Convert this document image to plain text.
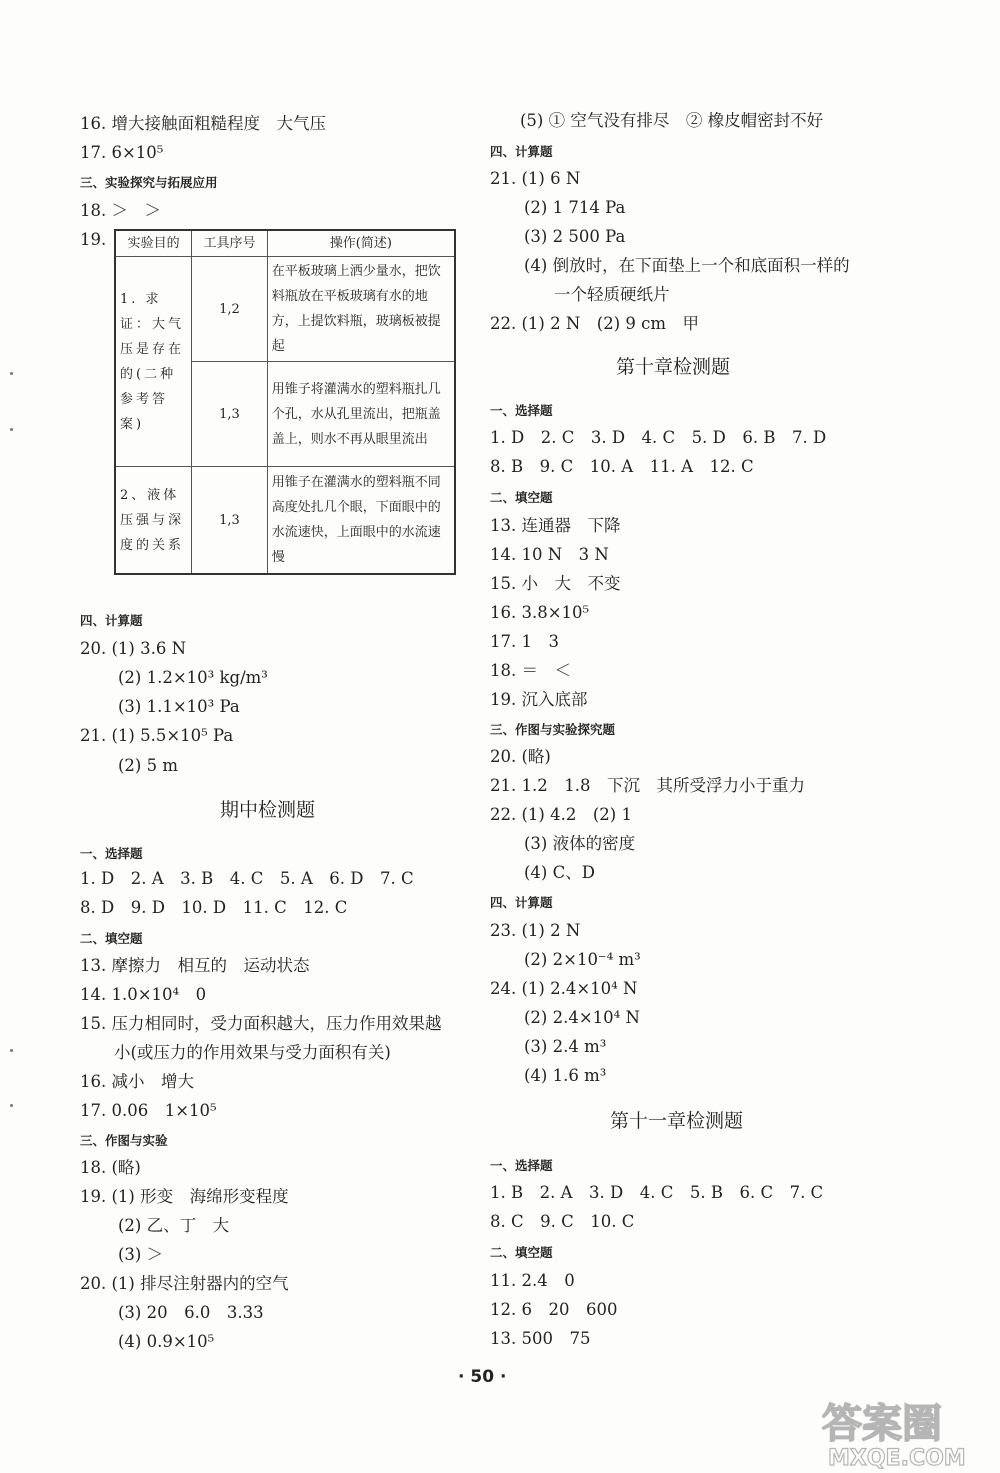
16. 增大接触面粗糙程度　大气压
17. 6×10⁵
三、实验探究与拓展应用
18. ＞　＞
19. 实验目的	工具序号	操作(简述)
1. 求证：大气压是存在的(二种参考答案)	1,2	在平板玻璃上洒少量水，把饮料瓶放在平板玻璃有水的地方，上提饮料瓶，玻璃板被提起
	1,3	用锥子将灌满水的塑料瓶扎几个孔，水从孔里流出，把瓶盖盖上，则水不再从眼里流出
2、液体压强与深度的关系	1,3	用锥子在灌满水的塑料瓶不同高度处扎几个眼，下面眼中的水流速快，上面眼中的水流速慢
四、计算题
20. (1) 3.6 N
(2) 1.2×10³ kg/m³
(3) 1.1×10³ Pa
21. (1) 5.5×10⁵ Pa
(2) 5 m
期中检测题
一、选择题
1. D　2. A　3. B　4. C　5. A　6. D　7. C
8. D　9. D　10. D　11. C　12. C
二、填空题
13. 摩擦力　相互的　运动状态
14. 1.0×10⁴　0
15. 压力相同时，受力面积越大，压力作用效果越
小(或压力的作用效果与受力面积有关)
16. 减小　增大
17. 0.06　1×10⁵
三、作图与实验
18. (略)
19. (1) 形变　海绵形变程度
(2) 乙、丁　大
(3) ＞
20. (1) 排尽注射器内的空气
(3) 20　6.0　3.33
(4) 0.9×10⁵
(5) ① 空气没有排尽　② 橡皮帽密封不好
四、计算题
21. (1) 6 N
(2) 1 714 Pa
(3) 2 500 Pa
(4) 倒放时，在下面垫上一个和底面积一样的
一个轻质硬纸片
22. (1) 2 N　(2) 9 cm　甲
第十章检测题
一、选择题
1. D　2. C　3. D　4. C　5. D　6. B　7. D
8. B　9. C　10. A　11. A　12. C
二、填空题
13. 连通器　下降
14. 10 N　3 N
15. 小　大　不变
16. 3.8×10⁵
17. 1　3
18. ＝　＜
19. 沉入底部
三、作图与实验探究题
20. (略)
21. 1.2　1.8　下沉　其所受浮力小于重力
22. (1) 4.2　(2) 1
(3) 液体的密度
(4) C、D
四、计算题
23. (1) 2 N
(2) 2×10⁻⁴ m³
24. (1) 2.4×10⁴ N
(2) 2.4×10⁴ N
(3) 2.4 m³
(4) 1.6 m³
第十一章检测题
一、选择题
1. B　2. A　3. D　4. C　5. B　6. C　7. C
8. C　9. C　10. C
二、填空题
11. 2.4　0
12. 6　20　600
13. 500　75
· 50 ·
答案圈
MXQE.COM
